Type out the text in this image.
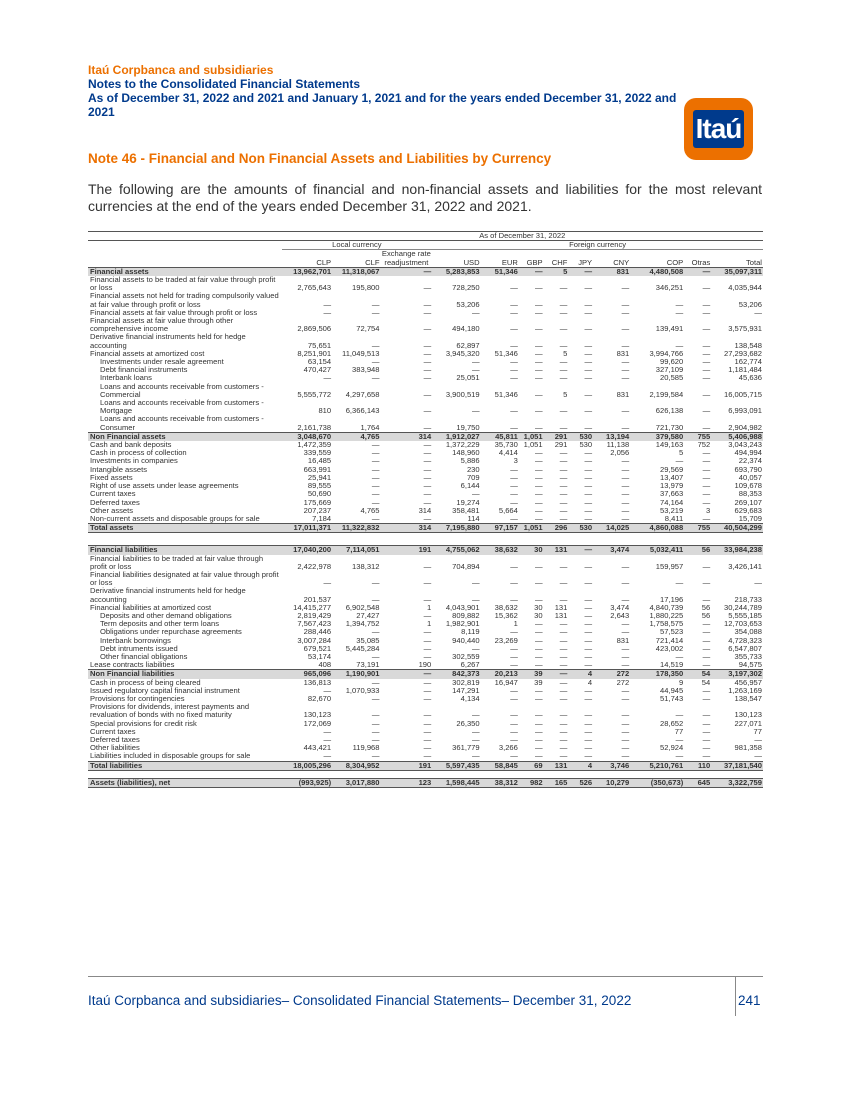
Itaú Corpbanca and subsidiaries
Notes to the Consolidated Financial Statements
As of December 31, 2022 and 2021 and January 1, 2021 and for the years ended December 31, 2022 and 2021
Itaú
Note 46 - Financial and Non Financial Assets and Liabilities by Currency
The following are the amounts of financial and non-financial assets and liabilities for the most relevant currencies at the end of the years ended December 31, 2022 and 2021.
	As of December 31, 2022											
	Local currency			Foreign currency								
	CLP	CLF	Exchange rate readjustment	USD	EUR	GBP	CHF	JPY	CNY	COP	Otras	Total
Financial assets	13,962,701	11,318,067	—	5,283,853	51,346	—	5	—	831	4,480,508	—	35,097,311
Financial assets to be traded at fair value through profit or loss	2,765,643	195,800	—	728,250	—	—	—	—	—	346,251	—	4,035,944
Financial assets not held for trading compulsorily valued at fair value through profit or loss	—	—	—	53,206	—	—	—	—	—	—	—	53,206
Financial assets at fair value through profit or loss	—	—	—	—	—	—	—	—	—	—	—	—
Financial assets at fair value through other comprehensive income	2,869,506	72,754	—	494,180	—	—	—	—	—	139,491	—	3,575,931
Derivative financial instruments held for hedge accounting	75,651	—	—	62,897	—	—	—	—	—	—	—	138,548
Financial assets at amortized cost	8,251,901	11,049,513	—	3,945,320	51,346	—	5	—	831	3,994,766	—	27,293,682
Investments under resale agreement	63,154	—	—	—	—	—	—	—	—	99,620	—	162,774
Debt financial instruments	470,427	383,948	—	—	—	—	—	—	—	327,109	—	1,181,484
Interbank loans	—	—	—	25,051	—	—	—	—	—	20,585	—	45,636
Loans and accounts receivable from customers - Commercial	5,555,772	4,297,658	—	3,900,519	51,346	—	5	—	831	2,199,584	—	16,005,715
Loans and accounts receivable from customers - Mortgage	810	6,366,143	—	—	—	—	—	—	—	626,138	—	6,993,091
Loans and accounts receivable from customers - Consumer	2,161,738	1,764	—	19,750	—	—	—	—	—	721,730	—	2,904,982
Non Financial assets	3,048,670	4,765	314	1,912,027	45,811	1,051	291	530	13,194	379,580	755	5,406,988
Cash and bank deposits	1,472,359	—	—	1,372,229	35,730	1,051	291	530	11,138	149,163	752	3,043,243
Cash in process of collection	339,559	—	—	148,960	4,414	—	—	—	2,056	5	—	494,994
Investments in companies	16,485	—	—	5,886	3	—	—	—	—	—	—	22,374
Intangible assets	663,991	—	—	230	—	—	—	—	—	29,569	—	693,790
Fixed assets	25,941	—	—	709	—	—	—	—	—	13,407	—	40,057
Right of use assets under lease agreements	89,555	—	—	6,144	—	—	—	—	—	13,979	—	109,678
Current taxes	50,690	—	—	—	—	—	—	—	—	37,663	—	88,353
Deferred taxes	175,669	—	—	19,274	—	—	—	—	—	74,164	—	269,107
Other assets	207,237	4,765	314	358,481	5,664	—	—	—	—	53,219	3	629,683
Non-current assets and disposable groups for sale	7,184	—	—	114	—	—	—	—	—	8,411	—	15,709
Total assets	17,011,371	11,322,832	314	7,195,880	97,157	1,051	296	530	14,025	4,860,088	755	40,504,299

Financial liabilities	17,040,200	7,114,051	191	4,755,062	38,632	30	131	—	3,474	5,032,411	56	33,984,238
Financial liabilities to be traded at fair value through profit or loss	2,422,978	138,312	—	704,894	—	—	—	—	—	159,957	—	3,426,141
Financial liabilities designated at fair value through profit or loss	—	—	—	—	—	—	—	—	—	—	—	—
Derivative financial instruments held for hedge accounting	201,537	—	—	—	—	—	—	—	—	17,196	—	218,733
Financial liabilities at amortized cost	14,415,277	6,902,548	1	4,043,901	38,632	30	131	—	3,474	4,840,739	56	30,244,789
Deposits and other demand obligations	2,819,429	27,427	—	809,882	15,362	30	131	—	2,643	1,880,225	56	5,555,185
Term deposits and other term loans	7,567,423	1,394,752	1	1,982,901	1	—	—	—	—	1,758,575	—	12,703,653
Obligations under repurchase agreements	288,446	—	—	8,119	—	—	—	—	—	57,523	—	354,088
Interbank borrowings	3,007,284	35,085	—	940,440	23,269	—	—	—	831	721,414	—	4,728,323
Debt intruments issued	679,521	5,445,284	—	—	—	—	—	—	—	423,002	—	6,547,807
Other financial obligations	53,174	—	—	302,559	—	—	—	—	—	—	—	355,733
Lease contracts liabilities	408	73,191	190	6,267	—	—	—	—	—	14,519	—	94,575
Non Financial liabilities	965,096	1,190,901	—	842,373	20,213	39	—	4	272	178,350	54	3,197,302
Cash in process of being cleared	136,813	—	—	302,819	16,947	39	—	4	272	9	54	456,957
Issued regulatory capital financial instrument	—	1,070,933	—	147,291	—	—	—	—	—	44,945	—	1,263,169
Provisions for contingencies	82,670	—	—	4,134	—	—	—	—	—	51,743	—	138,547
Provisions for dividends, interest payments and revaluation of bonds with no fixed maturity	130,123	—	—	—	—	—	—	—	—	—	—	130,123
Special provisions for credit risk	172,069	—	—	26,350	—	—	—	—	—	28,652	—	227,071
Current taxes	—	—	—	—	—	—	—	—	—	77	—	77
Deferred taxes	—	—	—	—	—	—	—	—	—	—	—	—
Other liabilities	443,421	119,968	—	361,779	3,266	—	—	—	—	52,924	—	981,358
Liabilities included in disposable groups for sale	—	—	—	—	—	—	—	—	—	—	—	—
Total liabilities	18,005,296	8,304,952	191	5,597,435	58,845	69	131	4	3,746	5,210,761	110	37,181,540

Assets (liabilities), net	(993,925)	3,017,880	123	1,598,445	38,312	982	165	526	10,279	(350,673)	645	3,322,759
Itaú Corpbanca and subsidiaries– Consolidated Financial Statements– December 31, 2022	241
